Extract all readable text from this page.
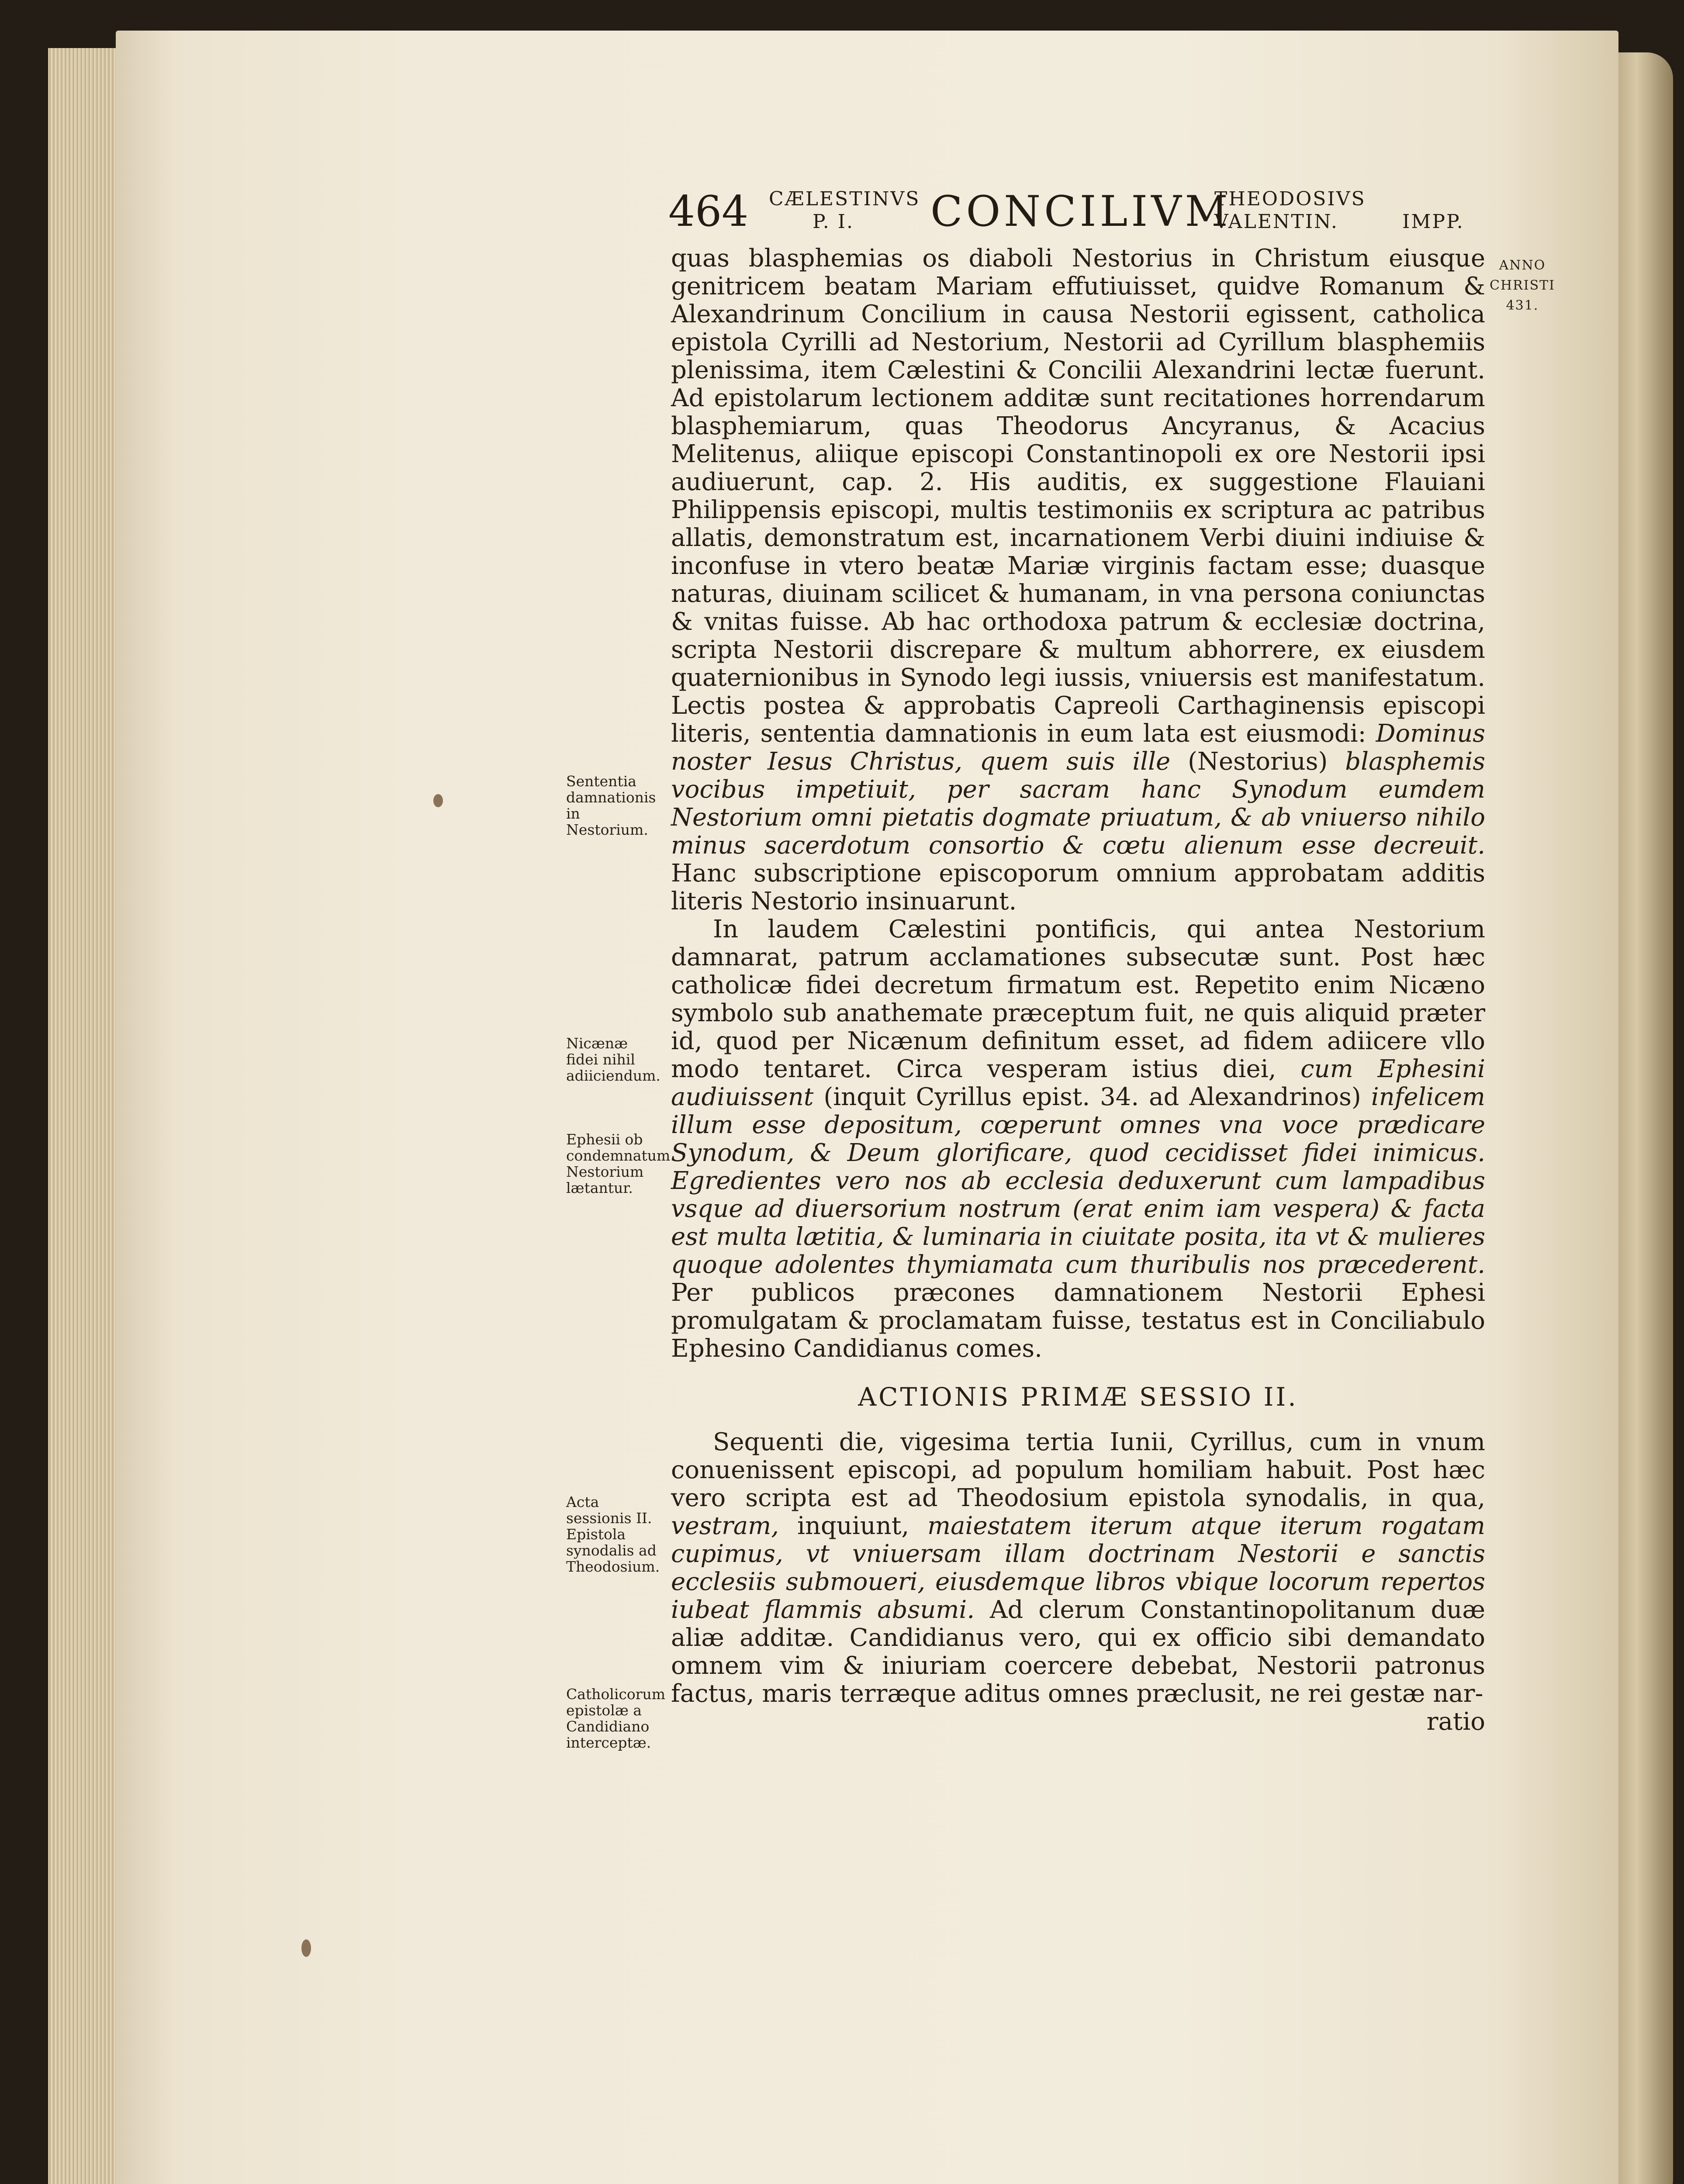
464 CÆLESTINVS
P. I. CONCILIVM
THEODOSIVS
VALENTIN.	IMPP.
ANNO
CHRISTI
431.
Sententia damnationis in Nestorium.
Nicænæ fidei nihil adiiciendum.
Ephesii ob condemnatum Nestorium lætantur.
Acta sessionis II. Epistola synodalis ad Theodosium.
Catholicorum epistolæ a Candidiano interceptæ.

quas blasphemias os diaboli Nestorius in Christum eiusque genitricem beatam Mariam effutiuisset, quidve Romanum & Alexandrinum Concilium in causa Nestorii egissent, catholica epistola Cyrilli ad Nestorium, Nestorii ad Cyrillum blasphemiis plenissima, item Cælestini & Concilii Alexandrini lectæ fuerunt. Ad epistolarum lectionem additæ sunt recitationes horrendarum blasphemiarum, quas Theodorus Ancyranus, & Acacius Melitenus, aliique episcopi Constantinopoli ex ore Nestorii ipsi audiuerunt, cap. 2. His auditis, ex suggestione Flauiani Philippensis episcopi, multis testimoniis ex scriptura ac patribus allatis, demonstratum est, incarnationem Verbi diuini indiuise & inconfuse in vtero beatæ Mariæ virginis factam esse; duasque naturas, diuinam scilicet & humanam, in vna persona coniunctas & vnitas fuisse. Ab hac orthodoxa patrum & ecclesiæ doctrina, scripta Nestorii discrepare & multum abhorrere, ex eiusdem quaternionibus in Synodo legi iussis, vniuersis est manifestatum. Lectis postea & approbatis Capreoli Carthaginensis episcopi literis, sententia damnationis in eum lata est eiusmodi: Dominus noster Iesus Christus, quem suis ille (Nestorius) blasphemis vocibus impetiuit, per sacram hanc Synodum eumdem Nestorium omni pietatis dogmate priuatum, & ab vniuerso nihilo minus sacerdotum consortio & cœtu alienum esse decreuit. Hanc subscriptione episcoporum omnium approbatam additis literis Nestorio insinuarunt.

In laudem Cælestini pontificis, qui antea Nestorium damnarat, patrum acclamationes subsecutæ sunt. Post hæc catholicæ fidei decretum firmatum est. Repetito enim Nicæno symbolo sub anathemate præceptum fuit, ne quis aliquid præter id, quod per Nicænum definitum esset, ad fidem adiicere vllo modo tentaret. Circa vesperam istius diei, cum Ephesini audiuissent (inquit Cyrillus epist. 34. ad Alexandrinos) infelicem illum esse depositum, cœperunt omnes vna voce prædicare Synodum, & Deum glorificare, quod cecidisset fidei inimicus. Egredientes vero nos ab ecclesia deduxerunt cum lampadibus vsque ad diuersorium nostrum (erat enim iam vespera) & facta est multa lætitia, & luminaria in ciuitate posita, ita vt & mulieres quoque adolentes thymiamata cum thuribulis nos præcederent. Per publicos præcones damnationem Nestorii Ephesi promulgatam & proclamatam fuisse, testatus est in Conciliabulo Ephesino Candidianus comes.

ACTIONIS PRIMÆ SESSIO II.

Sequenti die, vigesima tertia Iunii, Cyrillus, cum in vnum conuenissent episcopi, ad populum homiliam habuit. Post hæc vero scripta est ad Theodosium epistola synodalis, in qua, vestram, inquiunt, maiestatem iterum atque iterum rogatam cupimus, vt vniuersam illam doctrinam Nestorii e sanctis ecclesiis submoueri, eiusdemque libros vbique locorum repertos iubeat flammis absumi. Ad clerum Constantinopolitanum duæ aliæ additæ. Candidianus vero, qui ex officio sibi demandato omnem vim & iniuriam coercere debebat, Nestorii patronus factus, maris terræque aditus omnes præclusit, ne rei gestæ nar-

ratio
